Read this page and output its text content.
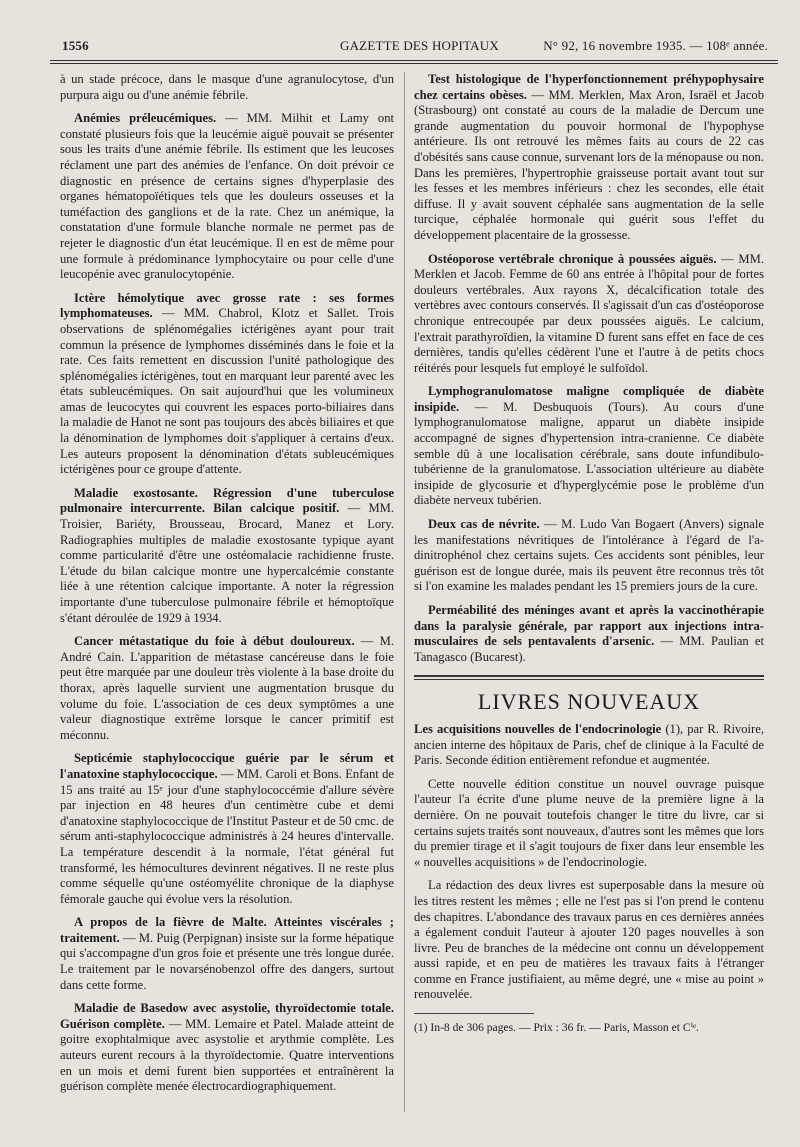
1556	GAZETTE DES HOPITAUX	N° 92, 16 novembre 1935. — 108ᵉ année.

à un stade précoce, dans le masque d'une agranulocytose, d'un purpura aigu ou d'une anémie fébrile.

Anémies préleucémiques. — MM. Milhit et Lamy ont constaté plusieurs fois que la leucémie aiguë pouvait se présenter sous les traits d'une anémie fébrile. Ils estiment que les leucoses réclament une part des anémies de l'enfance. On doit prévoir ce diagnostic en présence de certains signes d'hyperplasie des organes hématopoïétiques tels que les douleurs osseuses et la tuméfaction des ganglions et de la rate. Chez un anémique, la constatation d'une formule blanche normale ne permet pas de rejeter le diagnostic d'un état leucémique. Il en est de même pour une formule à prédominance lymphocytaire ou pour celle d'une leucopénie avec granulocytopénie.

Ictère hémolytique avec grosse rate : ses formes lymphomateuses. — MM. Chabrol, Klotz et Sallet. Trois observations de splénomégalies ictérigènes ayant pour trait commun la présence de lymphomes disséminés dans le foie et la rate. Ces faits remettent en discussion l'unité pathologique des splénomégalies ictérigènes, tout en marquant leur parenté avec les états subleucémiques. On sait aujourd'hui que les volumineux amas de leucocytes qui couvrent les espaces porto-biliaires dans la maladie de Hanot ne sont pas toujours des abcès biliaires et que la dénomination de lymphomes doit s'appliquer à certains d'eux. Les auteurs proposent la dénomination d'états subleucémiques ictérigènes pour ce groupe d'attente.

Maladie exostosante. Régression d'une tuberculose pulmonaire intercurrente. Bilan calcique positif. — MM. Troisier, Bariéty, Brousseau, Brocard, Manez et Lory. Radiographies multiples de maladie exostosante typique ayant comme particularité d'être une ostéomalacie rachidienne fruste. L'étude du bilan calcique montre une hypercalcémie constante liée à une rétention calcique importante. A noter la régression importante d'une tuberculose pulmonaire fébrile et hémoptoïque s'étant déroulée de 1929 à 1934.

Cancer métastatique du foie à début douloureux. — M. André Cain. L'apparition de métastase cancéreuse dans le foie peut être marquée par une douleur très violente à la base droite du thorax, après laquelle survient une augmentation brusque du volume du foie. L'association de ces deux symptômes a une valeur diagnostique extrême lorsque le cancer primitif est méconnu.

Septicémie staphylococcique guérie par le sérum et l'anatoxine staphylococcique. — MM. Caroli et Bons. Enfant de 15 ans traité au 15ᵉ jour d'une staphylococcémie d'allure sévère par injection en 48 heures d'un centimètre cube et demi d'anatoxine staphylococcique de l'Institut Pasteur et de 50 cmc. de sérum anti-staphylococcique administrés à 24 heures d'intervalle. La température descendit à la normale, l'état général fut transformé, les hémocultures devinrent négatives. Il ne reste plus comme séquelle qu'une ostéomyélite chronique de la diaphyse fémorale gauche qui évolue vers la résolution.

A propos de la fièvre de Malte. Atteintes viscérales ; traitement. — M. Puig (Perpignan) insiste sur la forme hépatique qui s'accompagne d'un gros foie et présente une très longue durée. Le traitement par le novarsénobenzol offre des dangers, surtout dans cette forme.

Maladie de Basedow avec asystolie, thyroïdectomie totale. Guérison complète. — MM. Lemaire et Patel. Malade atteint de goitre exophtalmique avec asystolie et arythmie complète. Les auteurs eurent recours à la thyroïdectomie. Quatre interventions en un mois et demi furent bien supportées et entraînèrent la guérison complète menée électrocardiographiquement.

Test histologique de l'hyperfonctionnement préhypophysaire chez certains obèses. — MM. Merklen, Max Aron, Israël et Jacob (Strasbourg) ont constaté au cours de la maladie de Dercum une grande augmentation du pouvoir hormonal de l'hypophyse antérieure. Ils ont retrouvé les mêmes faits au cours de 22 cas d'obésités sans cause connue, survenant lors de la ménopause ou non. Dans les premières, l'hypertrophie graisseuse portait avant tout sur les fesses et les membres inférieurs : chez les secondes, elle était diffuse. Il y avait souvent céphalée sans augmentation de la selle turcique, céphalée hormonale qui guérit sous l'effet du développement placentaire de la grossesse.

Ostéoporose vertébrale chronique à poussées aiguës. — MM. Merklen et Jacob. Femme de 60 ans entrée à l'hôpital pour de fortes douleurs vertébrales. Aux rayons X, décalcification totale des vertèbres avec contours conservés. Il s'agissait d'un cas d'ostéoporose chronique entrecoupée par deux poussées aiguës. Le calcium, l'extrait parathyroïdien, la vitamine D furent sans effet en face de ces dernières, tandis qu'elles cédèrent l'une et l'autre à de petits chocs réitérés pour lesquels fut employé le sulfoïdol.

Lymphogranulomatose maligne compliquée de diabète insipide. — M. Desbuquois (Tours). Au cours d'une lymphogranulomatose maligne, apparut un diabète insipide accompagné de signes d'hypertension intra-cranienne. Ce diabète semble dû à une localisation cérébrale, sans doute infundibulo-tubérienne de la granulomatose. L'association ultérieure au diabète insipide de glycosurie et d'hyperglycémie pose le problème d'un diabète nerveux tubérien.

Deux cas de névrite. — M. Ludo Van Bogaert (Anvers) signale les manifestations névritiques de l'intolérance à l'égard de l'a-dinitrophénol chez certains sujets. Ces accidents sont pénibles, leur guérison est de longue durée, mais ils peuvent être reconnus très tôt si l'on examine les malades pendant les 15 premiers jours de la cure.

Perméabilité des méninges avant et après la vaccinothérapie dans la paralysie générale, par rapport aux injections intra-musculaires de sels pentavalents d'arsenic. — MM. Paulian et Tanagasco (Bucarest).

LIVRES NOUVEAUX

Les acquisitions nouvelles de l'endocrinologie (1), par R. Rivoire, ancien interne des hôpitaux de Paris, chef de clinique à la Faculté de Paris. Seconde édition entièrement refondue et augmentée.

Cette nouvelle édition constitue un nouvel ouvrage puisque l'auteur l'a écrite d'une plume neuve de la première ligne à la dernière. On ne pouvait toutefois changer le titre du livre, car si certains sujets traités sont nouveaux, d'autres sont les mêmes que lors du premier tirage et il s'agit toujours de fixer dans leur ensemble les « nouvelles acquisitions » de l'endocrinologie.

La rédaction des deux livres est superposable dans la mesure où les titres restent les mêmes ; elle ne l'est pas si l'on prend le contenu des chapitres. L'abondance des travaux parus en ces dernières années a également conduit l'auteur à ajouter 120 pages nouvelles à son livre. Peu de branches de la médecine ont connu un développement aussi rapide, et en peu de matières les travaux faits à l'étranger comme en France justifiaient, au même degré, une « mise au point » renouvelée.

(1) In-8 de 306 pages. — Prix : 36 fr. — Paris, Masson et Cⁱᵉ.
